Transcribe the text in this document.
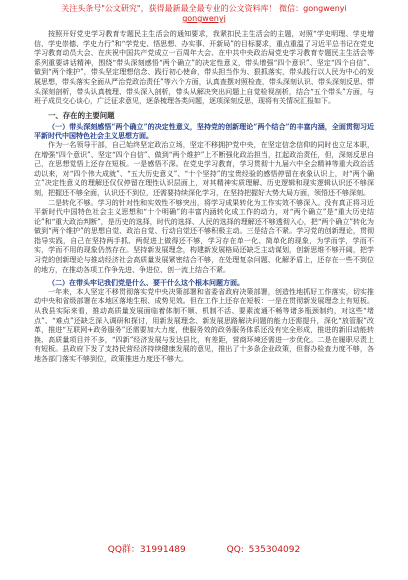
关注头条号"公文研究"，获得最新最全最专业的公文资料库！ 微信：gongwenyi
gongwenyj

按照开好党史学习教育专题民主生活会的通知要求，我紧扣民主生活会的主题，对照“学史明理、学史增信、学史崇德、学史力行”和“学党史、悟思想、办实事、开新局”的目标要求，重点重温了习近平总书记在党史学习教育动员大会、在庆祝中国共产党成立一百周年大会、在中共中央政治局党史学习教育专题民主生活会等系列重要讲话精神，围绕“带头深刻感悟“两个确立”的决定性意义，带头增强“四个意识”、坚定“四个自信”、做到“两个维护”，带头坚定理想信念、践行初心使命，带头担当作为、狠抓落实，带头践行以人民为中心的发展思想，带头落实全面从严治党政治责任”等六个方面，认真查摆对照检查，带头深刻认识、带头深刻反思、带头深刻剖析，带头认真梳理、带头深入剖析，带头从解决突出问题上自觉检视剖析，结合“五个带头”方面，与班子成员交心谈心，广泛征求意见，逐条梳理各类问题，逐项深刻反思，现将有关情况汇报如下。

一、存在的主要问题

（一）带头深刻感悟“两个确立”的决定性意义，坚持党的创新理论“两个结合”的丰富内涵，全面贯彻习近平新时代中国特色社会主义思想方面。

作为一名领导干部，自己始终坚定政治立场，坚定不移拥护党中央，在坚定信念信仰的同时也立足本职，在增强“四个意识”、坚定“四个自信”、做到“两个维护”上不断强化政治担当，扛起政治责任，但，深刻反思自己，在思想觉悟上还存在短板。一是感悟不深。在党史学习教育，学习贯彻十九届六中全会精神等重大政治活动以来，对“四个伟大成就”、“五大历史意义”、“十个坚持”的宝贵经验的感悟停留在表象认识上，对“两个确立”决定性意义的理解还仅仅停留在理性认识层面上，对其精神实质理解、历史逻辑和现实逻辑认识还不够深刻，把握还不够全面，认识还不到位，还需要持续深化学习，在坚持把握好大势大局方面，领悟还不够深刻。

二是转化不够。学习的针对性和实效性不够突出，将学习成果转化为工作实效不够深入。没有真正将习近平新时代中国特色社会主义思想和“十个明确”的丰富内涵转化成工作的动力，对“两个确立”是“重大历史结论”和“重大政治判断”，是历史的选择，时代的选择、人民的选择的理解还不够透彻入心，把“两个确立”转化为做到“两个维护”的思想自觉、政治自觉、行动自觉还不够积极主动。三是结合不紧。学习党的创新理论，贯彻指导实践，自己在坚持两手抓、两促进上做得还不够，学习存在单一化、简单化的现象，为学而学，学而不实，学而不用的现象仍然存在。坚持新发展理念，构建新发展格局还缺乏主动谋划，创新思维不够开阔，把学习党的创新理论与推动经济社会高质量发展紧密结合不够，在处理复杂问题、化解矛盾上，还存在一些不到位的地方，在推动各项工作争先进、争进位、创一流上结合不紧。

（二）在带头牢记我们党是什么、要干什么这个根本问题方面。

一年来，本人坚定不移贯彻落实党中央决策部署和省委省政府决策部署，创造性地抓好工作落实，切实推动中央和省级部署在本地区落地生根、成势见效。但在工作上还存在短板：一是在贯彻新发展理念上有短板。从我县实际来看，推动高质量发展面临着体制不顺、机制不活、要素流通不畅等诸多瓶颈制约，对这些“堵点”、“难点”还缺乏深入调研和探讨，用新发展理念、新发展思路解决问题的能力还需提升，深化“放管服”改革，推进“互联网+政务服务”还需要加大力度，使服务效的政务服务体系还没有完全形成，推进的新旧动能转换、高质量项目并不多，“四新”经济发展与发达县比，有差距，营商环境还需进一步优化。二是在履职尽责上有短板。县政府下发了支持民营经济持续健康发展的意见，推出了十多条企业政策，但督办检查力度不够，各地各部门落实不够到位，政策推进力度还不够大。

QQ群：31991489	QQ: 535304092
